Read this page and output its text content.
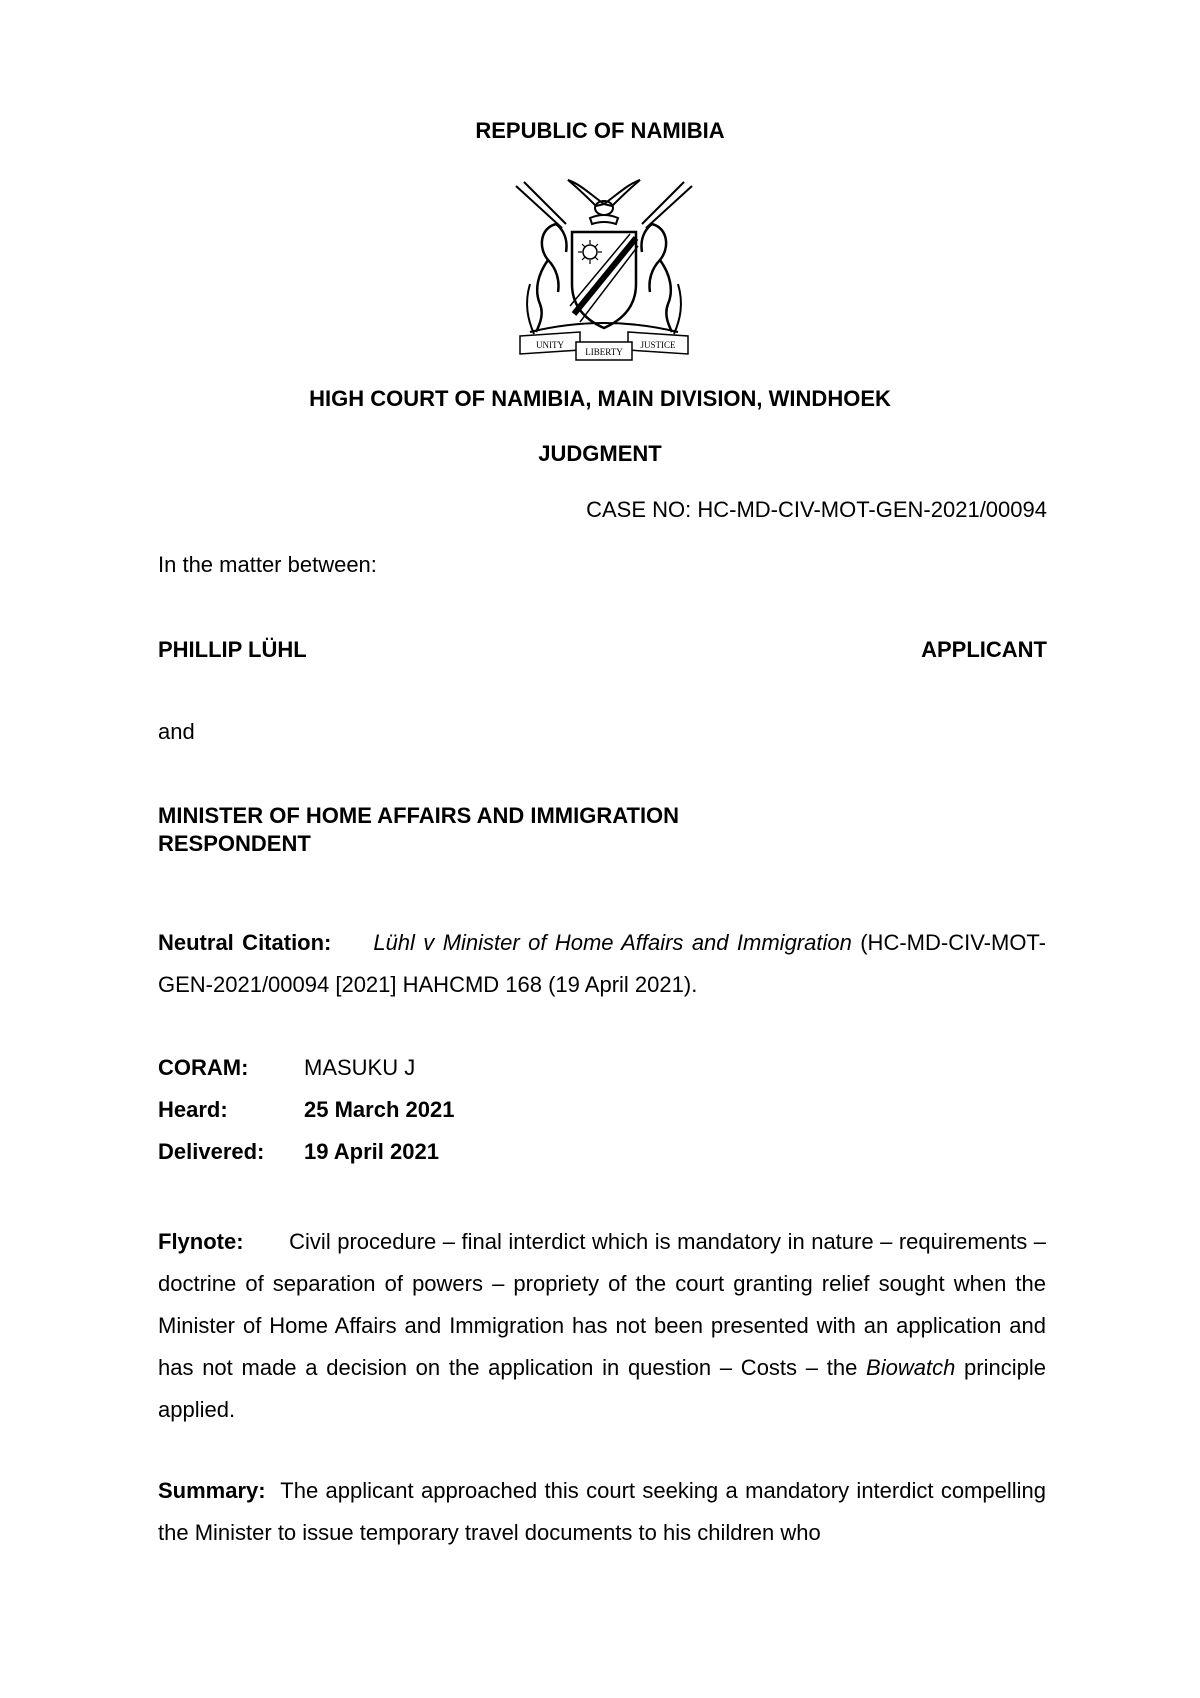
REPUBLIC OF NAMIBIA
UNITY
LIBERTY
JUSTICE
HIGH COURT OF NAMIBIA, MAIN DIVISION, WINDHOEK
JUDGMENT
CASE NO: HC-MD-CIV-MOT-GEN-2021/00094
In the matter between:
PHILLIP LÜHL	APPLICANT
and
MINISTER OF HOME AFFAIRS AND IMMIGRATION
RESPONDENT
Neutral Citation: Lühl v Minister of Home Affairs and Immigration (HC-MD-CIV-MOT-GEN-2021/00094 [2021] HAHCMD 168 (19 April 2021).
CORAM:	MASUKU J
Heard:	25 March 2021
Delivered: 19 April 2021
Flynote: Civil procedure – final interdict which is mandatory in nature – requirements – doctrine of separation of powers – propriety of the court granting relief sought when the Minister of Home Affairs and Immigration has not been presented with an application and has not made a decision on the application in question – Costs – the Biowatch principle applied.
Summary: The applicant approached this court seeking a mandatory interdict compelling the Minister to issue temporary travel documents to his children who
